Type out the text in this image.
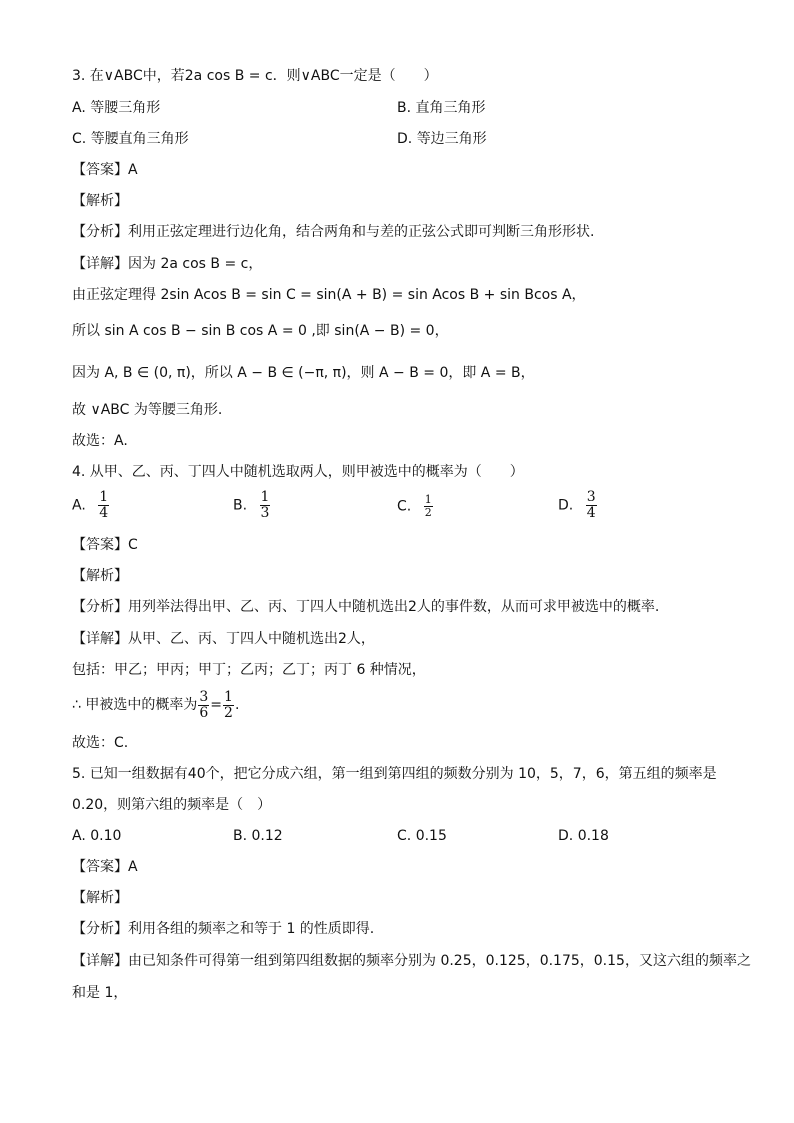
3. 在∨ABC中，若2a cos B = c．则∨ABC一定是（　　）
A. 等腰三角形	B. 直角三角形
C. 等腰直角三角形	D. 等边三角形
【答案】A
【解析】
【分析】利用正弦定理进行边化角，结合两角和与差的正弦公式即可判断三角形形状.
【详解】因为 2a cos B = c，
由正弦定理得 2sin Acos B = sin C = sin(A + B) = sin Acos B + sin Bcos A，
所以 sin A cos B − sin B cos A = 0 ,即 sin(A − B) = 0，
因为 A, B ∈ (0, π)，所以 A − B ∈ (−π, π)，则 A − B = 0，即 A = B，
故 ∨ABC 为等腰三角形.
故选：A.
4. 从甲、乙、丙、丁四人中随机选取两人，则甲被选中的概率为（　　）
A. $\frac{1}{4}$	B. $\frac{1}{3}$	C. $\frac{1}{2}$	D. $\frac{3}{4}$
【答案】C
【解析】
【分析】用列举法得出甲、乙、丙、丁四人中随机选出2人的事件数，从而可求甲被选中的概率.
【详解】从甲、乙、丙、丁四人中随机选出2人，
包括：甲乙；甲丙；甲丁；乙丙；乙丁；丙丁 6 种情况，
∴ 甲被选中的概率为 $\frac{3}{6} = \frac{1}{2}$ .
故选：C.
5. 已知一组数据有40个，把它分成六组，第一组到第四组的频数分别为 10，5，7，6，第五组的频率是
0.20，则第六组的频率是（　）
A. 0.10	B. 0.12	C. 0.15	D. 0.18
【答案】A
【解析】
【分析】利用各组的频率之和等于 1 的性质即得.
【详解】由已知条件可得第一组到第四组数据的频率分别为 0.25，0.125，0.175，0.15，又这六组的频率之
和是 1，
